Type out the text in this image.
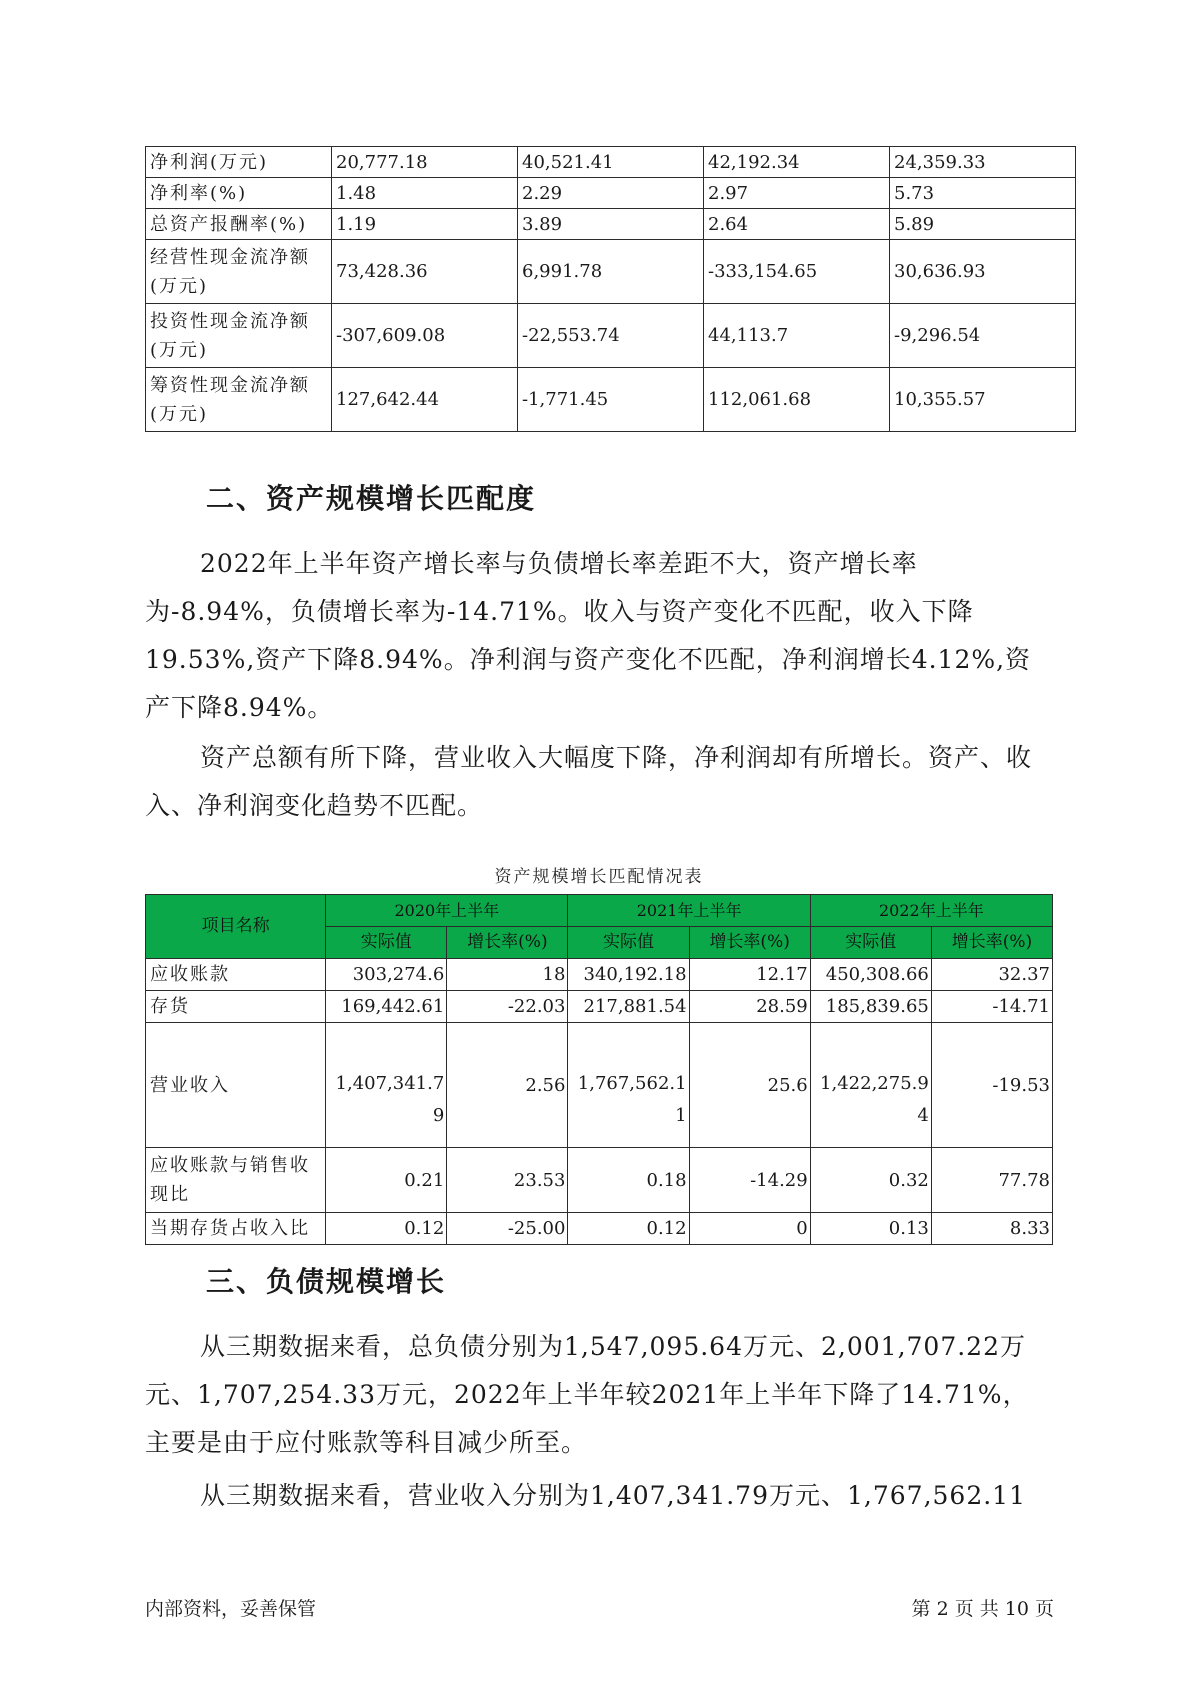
净利润(万元)	20,777.18	40,521.41	42,192.34	24,359.33
净利率(%)	1.48	2.29	2.97	5.73
总资产报酬率(%)	1.19	3.89	2.64	5.89
经营性现金流净额(万元)	73,428.36	6,991.78	-333,154.65	30,636.93
投资性现金流净额(万元)	-307,609.08	-22,553.74	44,113.7	-9,296.54
筹资性现金流净额(万元)	127,642.44	-1,771.45	112,061.68	10,355.57
二、资产规模增长匹配度

2022年上半年资产增长率与负债增长率差距不大，资产增长率为-8.94%，负债增长率为-14.71%。收入与资产变化不匹配，收入下降19.53%,资产下降8.94%。净利润与资产变化不匹配，净利润增长4.12%,资产下降8.94%。

资产总额有所下降，营业收入大幅度下降，净利润却有所增长。资产、收入、净利润变化趋势不匹配。

资产规模增长匹配情况表
项目名称	2020年上半年		2021年上半年		2022年上半年	
	实际值	增长率(%)	实际值	增长率(%)	实际值	增长率(%)
应收账款	303,274.6	18	340,192.18	12.17	450,308.66	32.37
存货	169,442.61	-22.03	217,881.54	28.59	185,839.65	-14.71
营业收入	1,407,341.79	2.56	1,767,562.11	25.6	1,422,275.94	-19.53
应收账款与销售收现比	0.21	23.53	0.18	-14.29	0.32	77.78
当期存货占收入比	0.12	-25.00	0.12	0	0.13	8.33
三、负债规模增长

从三期数据来看，总负债分别为1,547,095.64万元、2,001,707.22万元、1,707,254.33万元，2022年上半年较2021年上半年下降了14.71%，主要是由于应付账款等科目减少所至。

从三期数据来看，营业收入分别为1,407,341.79万元、1,767,562.11

内部资料，妥善保管	第 2 页 共 10 页
